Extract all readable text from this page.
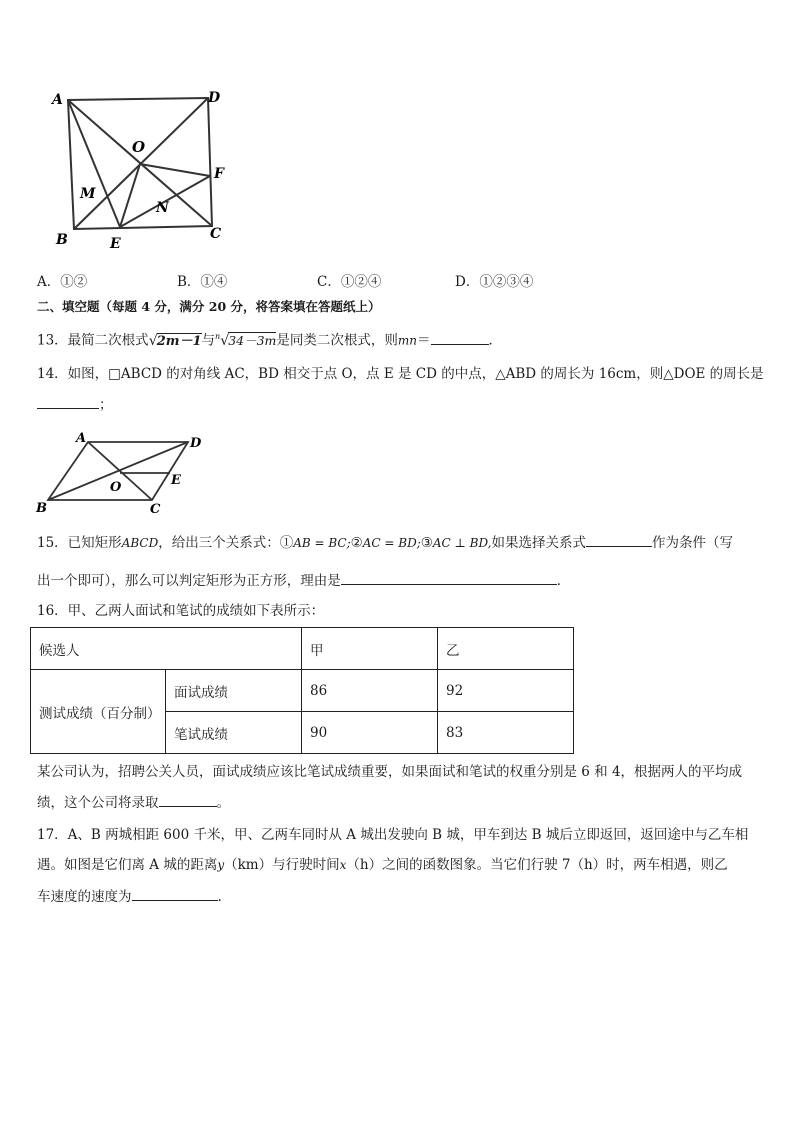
A	D
O
F
M
N
B	C
E
A．①②	B．①④	C．①②④	D．①②③④
二、填空题（每题 4 分，满分 20 分，将答案填在答题纸上）
13．最简二次根式 √ 2m－1与$^n$ √ 34－3m是同类二次根式，则mn＝	．
14．如图，□ABCD 的对角线 AC，BD 相交于点 O，点 E 是 CD 的中点，△ABD 的周长为 16cm，则△DOE 的周长是
；
A	D
O	E
B	C
15．已知矩形ABCD，给出三个关系式：①AB = BC;②AC = BD;③AC ⊥ BD,如果选择关系式	作为条件（写
出一个即可），那么可以判定矩形为正方形，理由是	．
16．甲、乙两人面试和笔试的成绩如下表所示：
候选人		甲	乙
测试成绩（百分制）	面试成绩	86	92
	笔试成绩	90	83
某公司认为，招聘公关人员，面试成绩应该比笔试成绩重要，如果面试和笔试的权重分别是 6 和 4，根据两人的平均成
绩，这个公司将录取	。
17．A、B 两城相距 600 千米，甲、乙两车同时从 A 城出发驶向 B 城，甲车到达 B 城后立即返回，返回途中与乙车相
遇。如图是它们离 A 城的距离y（km）与行驶时间x（h）之间的函数图象。当它们行驶 7（h）时，两车相遇，则乙
车速度的速度为	.
